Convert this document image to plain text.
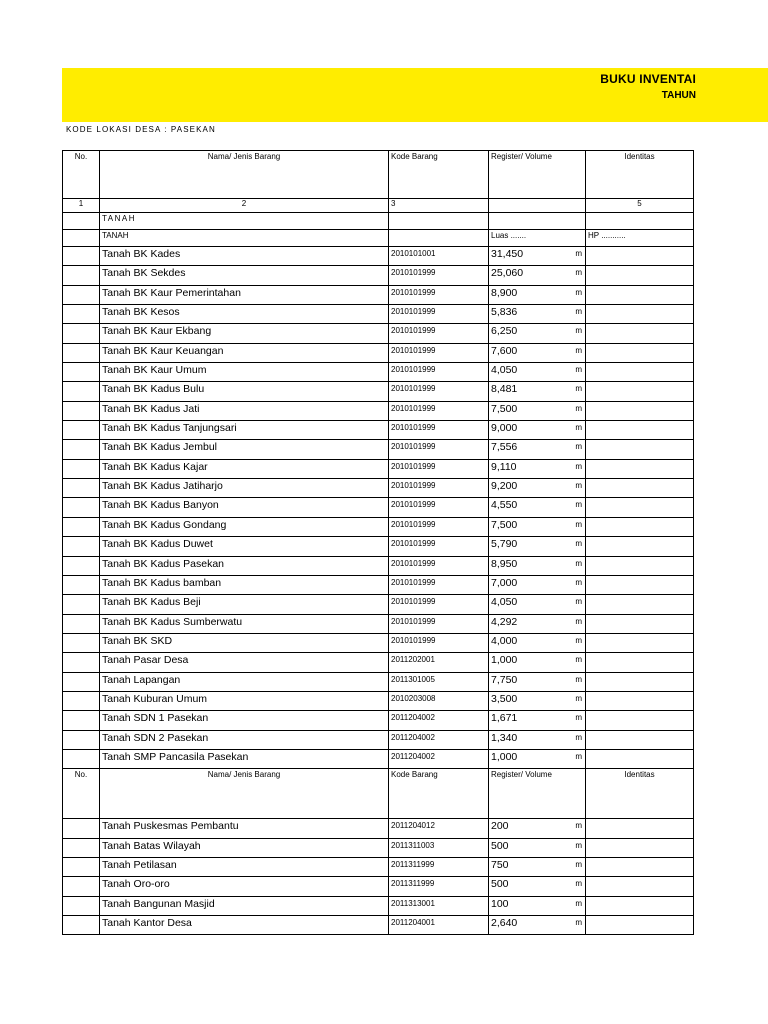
BUKU INVENTAI
TAHUN
KODE LOKASI DESA : PASEKAN
No.	Nama/ Jenis Barang	Kode Barang	Register/ Volume	Identitas
1	2	3		5
	TANAH			
	TANAH		Luas .......	HP ...........
	Tanah BK Kades	2010101001	31,450 m	

	Tanah BK Sekdes	2010101999	25,060 m	

	Tanah BK Kaur Pemerintahan	2010101999	8,900 m	

	Tanah BK Kesos	2010101999	5,836 m	

	Tanah BK Kaur Ekbang	2010101999	6,250 m	

	Tanah BK Kaur Keuangan	2010101999	7,600 m	

	Tanah BK Kaur Umum	2010101999	4,050 m	

	Tanah BK Kadus Bulu	2010101999	8,481 m	

	Tanah BK Kadus Jati	2010101999	7,500 m	

	Tanah BK Kadus Tanjungsari	2010101999	9,000 m	

	Tanah BK Kadus Jembul	2010101999	7,556 m	

	Tanah BK Kadus Kajar	2010101999	9,110 m	

	Tanah BK Kadus Jatiharjo	2010101999	9,200 m	

	Tanah BK Kadus Banyon	2010101999	4,550 m	

	Tanah BK Kadus Gondang	2010101999	7,500 m	

	Tanah BK Kadus Duwet	2010101999	5,790 m	

	Tanah BK Kadus Pasekan	2010101999	8,950 m	

	Tanah BK Kadus bamban	2010101999	7,000 m	

	Tanah BK Kadus Beji	2010101999	4,050 m	

	Tanah BK Kadus Sumberwatu	2010101999	4,292 m	

	Tanah BK SKD	2010101999	4,000 m	

	Tanah Pasar Desa	2011202001	1,000 m	

	Tanah Lapangan	2011301005	7,750 m	

	Tanah Kuburan Umum	2010203008	3,500 m	

	Tanah SDN 1 Pasekan	2011204002	1,671 m	

	Tanah SDN 2 Pasekan	2011204002	1,340 m	

	Tanah SMP Pancasila Pasekan	2011204002	1,000 m	

No.	Nama/ Jenis Barang	Kode Barang	Register/ Volume	Identitas
	Tanah Puskesmas Pembantu	2011204012	200 m	

	Tanah Batas Wilayah	2011311003	500 m	

	Tanah Petilasan	2011311999	750 m	

	Tanah Oro-oro	2011311999	500 m	

	Tanah Bangunan Masjid	2011313001	100 m	

	Tanah Kantor Desa	2011204001	2,640 m	
